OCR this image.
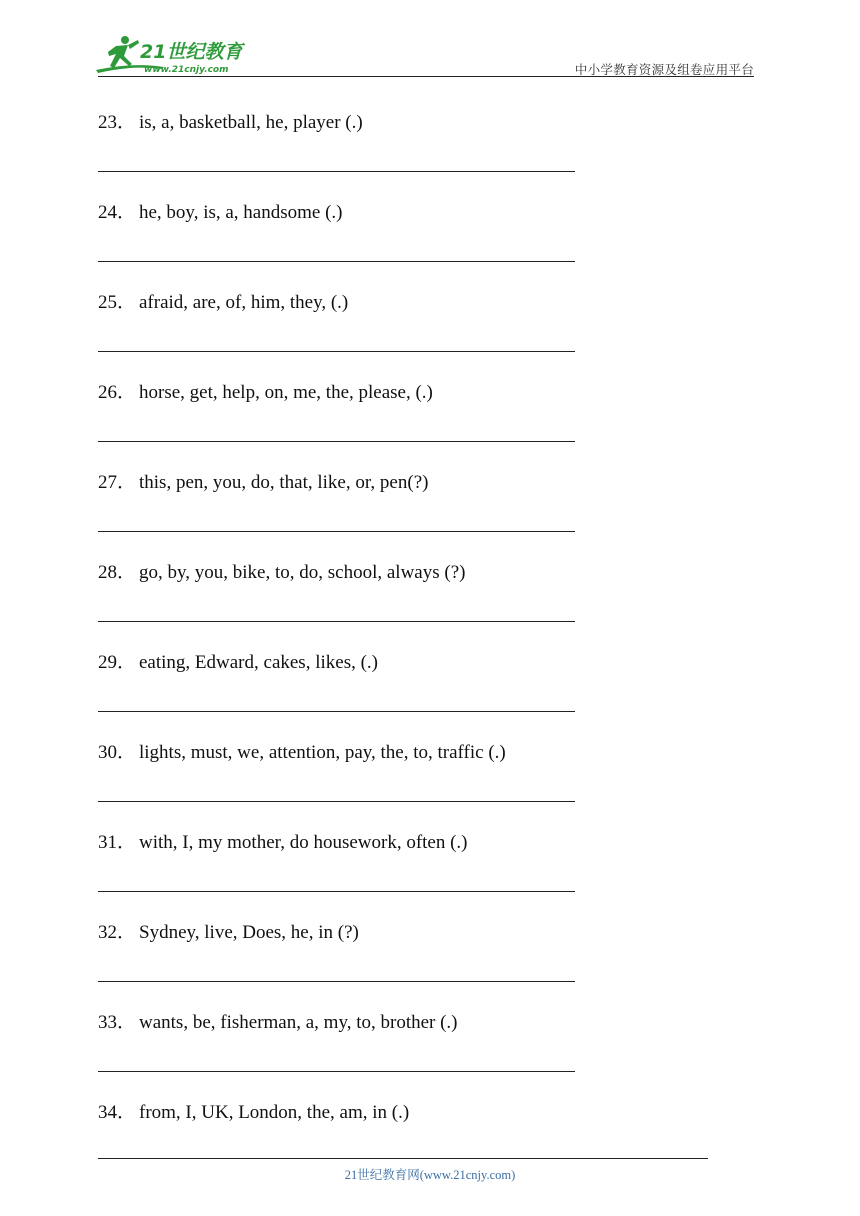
21世纪教育
www.21cnjy.com	中小学教育资源及组卷应用平台
23． is, a, basketball, he, player (.)
24． he, boy, is, a, handsome (.)
25． afraid, are, of, him, they, (.)
26． horse, get, help, on, me, the, please, (.)
27． this, pen, you, do, that, like, or, pen(?)
28． go, by, you, bike, to, do, school, always (?)
29． eating, Edward, cakes, likes, (.)
30． lights, must, we, attention, pay, the, to, traffic (.)
31． with, I, my mother, do housework, often (.)
32． Sydney, live, Does, he, in (?)
33． wants, be, fisherman, a, my, to, brother (.)
34． from, I, UK, London, the, am, in (.)
21世纪教育网(www.21cnjy.com)
